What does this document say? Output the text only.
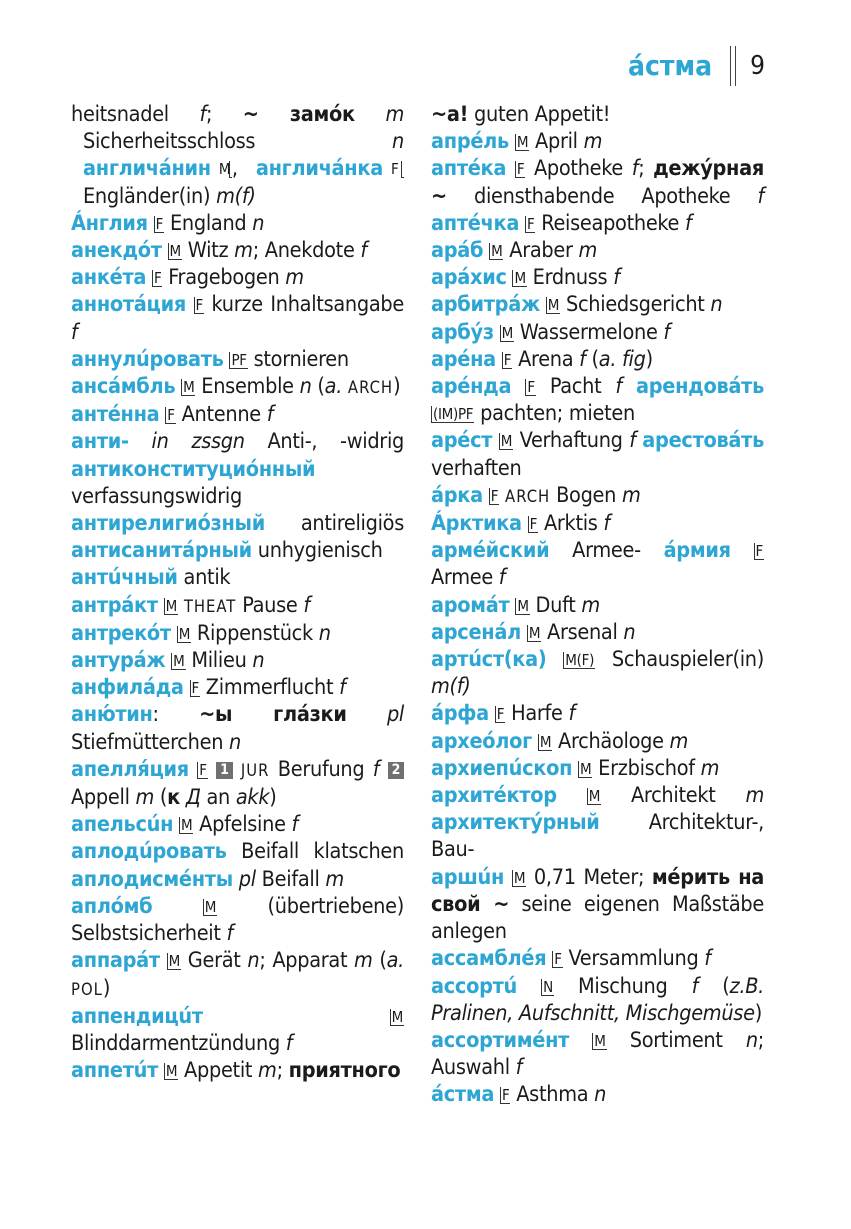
áстма 9
heitsnadel f; ~ замóк m Sicherheitsschloss n англичáнин M, англичáнка F Engländer(in) m(f)
Áнглия F England n
анекдóт M Witz m; Anekdote f
анкéта F Fragebogen m
аннотáция F kurze Inhaltsangabe f
аннулúровать PF stornieren
ансáмбль M Ensemble n (a. ARCH)
антéнна F Antenne f
анти- in zssgn Anti-, -widrig антиконституциóнный verfassungswidrig антирелигиóзный antireligiös антисанитáрный unhygienisch
антúчный antik
антрáкт M THEAT Pause f
антрекóт M Rippenstück n
антурáж M Milieu n
анфилáда F Zimmerflucht f
аню́тин: ~ы глáзки pl Stiefmütterchen n
апелля́ция F 1 JUR Berufung f 2 Appell m (к Д an akk)
апельсúн M Apfelsine f
аплодúровать Beifall klatschen аплодисмéнты pl Beifall m
аплóмб	M (übertriebene) Selbstsicherheit f
аппарáт M Gerät n; Apparat m (a. POL)
аппендицúт	M Blinddarmentzündung f
аппетúт M Appetit m; приятного
~a! guten Appetit!
апрéль M April m
аптéка F Apotheke f; дежýрная ~ diensthabende Apotheke f аптéчка F Reiseapotheke f
арáб M Araber m
арáхис M Erdnuss f
арбитрáж M Schiedsgericht n
арбýз M Wassermelone f
арéна F Arena f (a. fig)
арéнда F Pacht f арендовáть (IM)PF pachten; mieten
арéст M Verhaftung f арестовáть verhaften
áрка F ARCH Bogen m
Áрктика F Arktis f
армéйский Armee- áрмия F Armee f
аромáт M Duft m
арсенáл M Arsenal n
артúст(ка) M(F) Schauspieler(in) m(f)
áрфа F Harfe f
археóлог M Archäologe m
архиепúскоп M Erzbischof m
архитéктор M Architekt m архитектýрный Architektur-, Bau-
аршúн M 0,71 Meter; мéрить на свой ~ seine eigenen Maßstäbe anlegen
ассамблéя F Versammlung f
ассортú N Mischung f (z.B. Pralinen, Aufschnitt, Mischgemüse)
ассортимéнт M Sortiment n; Auswahl f
áстма F Asthma n
